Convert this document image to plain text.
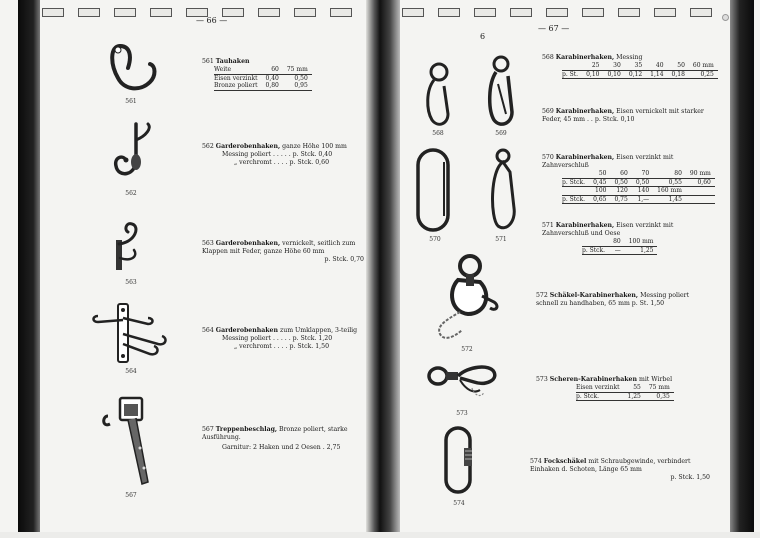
— 66 —
— 67 —
6
561
562
563
564
567
561 Tauhaken
Weite	60	75 mm
Eisen verzinkt	0,40	0,50
Bronze poliert	0,80	0,95
562 Garderobenhaken, ganze Höhe 100 mm
Messing poliert . . . . . p. Stck. 0,40
„ verchromt . . . . p. Stck. 0,60
563 Garderobenhaken, vernickelt, seitlich zum Klappen mit Feder, ganze Höhe 60 mm
p. Stck. 0,70
564 Garderobenhaken zum Umklappen, 3-teilig
Messing poliert . . . . . p. Stck. 1,20
„ verchromt . . . . p. Stck. 1,50
567 Treppenbeschlag, Bronze poliert, starke Ausführung.
Garnitur: 2 Haken und 2 Oesen . 2,75
568	569
570	571
572
573
574
568 Karabinerhaken, Messing
	25	30	35	40	50	60 mm
p. St.	0,10	0,10	0,12	1,14	0,18	0,25
569 Karabinerhaken, Eisen vernickelt mit starker Feder, 45 mm . . p. Stck. 0,10
570 Karabinerhaken, Eisen verzinkt mit Zahnverschluß
	50	60	70	80	90 mm
p. Stck.	0,45	0,50	0,50	0,55	0,60
	100	120	140	160 mm	
p. Stck.	0,65	0,75	1,—	1,45	
571 Karabinerhaken, Eisen verzinkt mit Zahnverschluß und Oese
	80	100 mm
p. Stck.	—	1,25
572 Schäkel-Karabinerhaken, Messing poliert schnell zu handhaben, 65 mm p. St. 1,50
573 Scheren-Karabinerhaken mit Wirbel
Eisen verzinkt	55	75 mm
p. Stck.	1,25	0,35
574 Fockschäkel mit Schraubgewinde, verbindert Einhaken d. Schoten, Länge 65 mm
p. Stck. 1,50
